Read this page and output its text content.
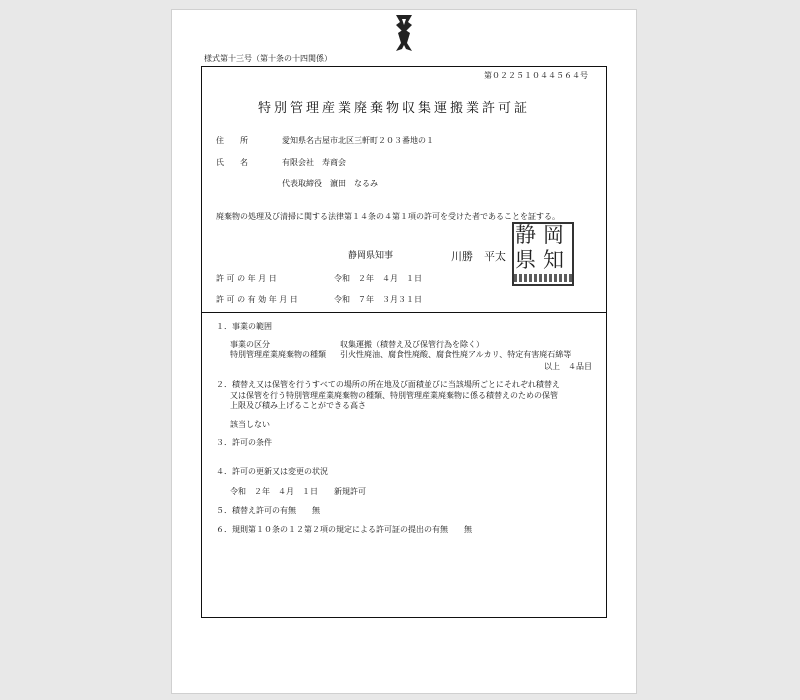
様式第十三号（第十条の十四関係）
第０２２５１０４４５６４号
特別管理産業廃棄物収集運搬業許可証
住　　所	愛知県名古屋市北区三軒町２０３番地の１
氏　　名	有限会社　寿商会
代表取締役　濵田　なるみ
廃棄物の処理及び清掃に関する法律第１４条の４第１項の許可を受けた者であることを証する。
静岡県知事	川勝　平太
静 岡
県 知
許 可 の 年 月 日	令和　２年　４月　１日
許 可 の 有 効 年 月 日	令和　７年　３月３１日
１．事業の範囲
事業の区分	収集運搬（積替え及び保管行為を除く）
特別管理産業廃棄物の種類 引火性廃油、腐食性廃酸、腐食性廃アルカリ、特定有害廃石綿等
以上　４品目
２．積替え又は保管を行うすべての場所の所在地及び面積並びに当該場所ごとにそれぞれ積替え
又は保管を行う特別管理産業廃棄物の種類、特別管理産業廃棄物に係る積替えのための保管
上限及び積み上げることができる高さ
該当しない
３．許可の条件
４．許可の更新又は変更の状況
令和　２年　４月　１日　　新規許可
５．積替え許可の有無　　無
６．規則第１０条の１２第２項の規定による許可証の提出の有無　　無
